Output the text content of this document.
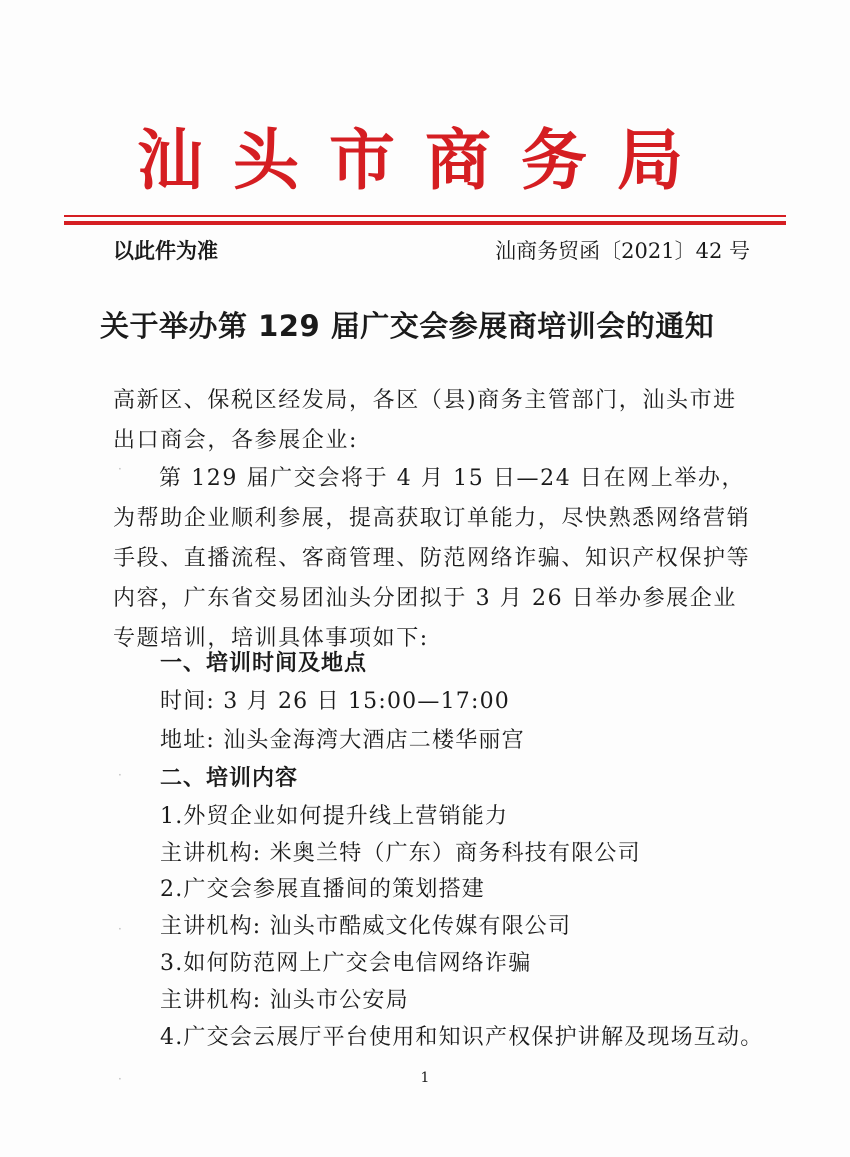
汕头市商务局
以此件为准	汕商务贸函〔2021〕42 号
关于举办第 129 届广交会参展商培训会的通知
高新区、保税区经发局，各区（县)商务主管部门，汕头市进出口商会，各参展企业:
第 129 届广交会将于 4 月 15 日—24 日在网上举办，为帮助企业顺利参展，提高获取订单能力，尽快熟悉网络营销手段、直播流程、客商管理、防范网络诈骗、知识产权保护等内容，广东省交易团汕头分团拟于 3 月 26 日举办参展企业专题培训，培训具体事项如下:
一、培训时间及地点
时间: 3 月 26 日 15:00—17:00
地址: 汕头金海湾大酒店二楼华丽宫
二、培训内容
1.外贸企业如何提升线上营销能力
主讲机构: 米奥兰特（广东）商务科技有限公司
2.广交会参展直播间的策划搭建
主讲机构: 汕头市酷威文化传媒有限公司
3.如何防范网上广交会电信网络诈骗
主讲机构: 汕头市公安局
4.广交会云展厅平台使用和知识产权保护讲解及现场互动。
1
·
·
·
·
